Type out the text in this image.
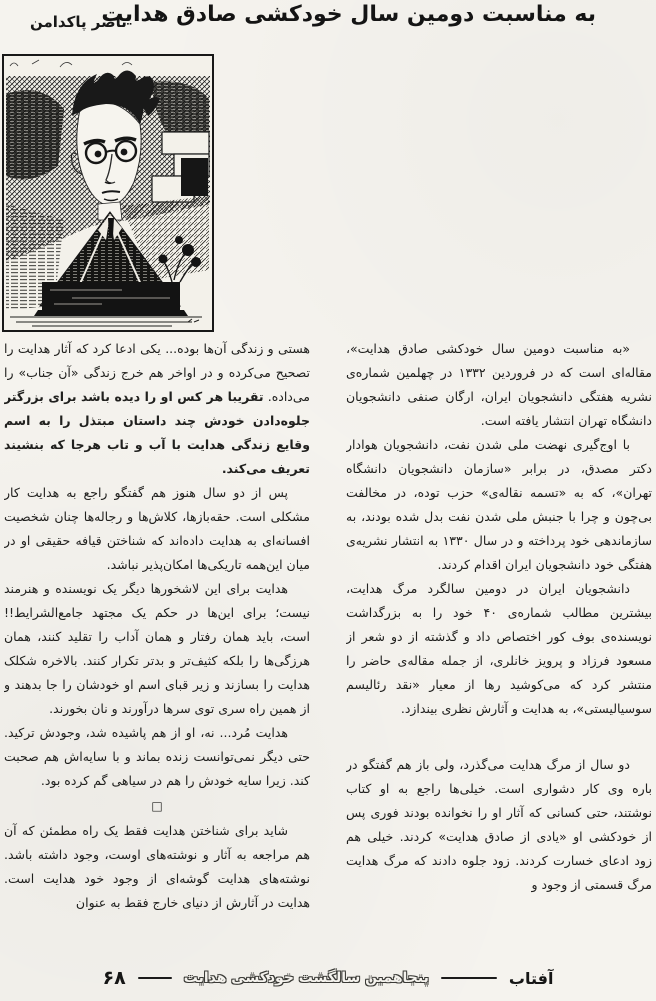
به مناسبت دومین سال خودکشی صادق هدایت
ناصر پاکدامن

«به مناسبت دومین سال خودکشی صادق هدایت»، مقاله‌ای است که در فروردین ۱۳۳۲ در چهلمین شماره‌ی نشریه هفتگی دانشجویان ایران، ارگان صنفی دانشجویان دانشگاه تهران انتشار یافته است.

با اوج‌گیری نهضت ملی شدن نفت، دانشجویان هوادار دکتر مصدق، در برابر «سازمان دانشجویان دانشگاه تهران»، که به «تسمه نقاله‌ی» حزب توده، در مخالفت بی‌چون و چرا با جنبش ملی شدن نفت بدل شده بودند، به سازماندهی خود پرداخته و در سال ۱۳۳۰ به انتشار نشریه‌ی هفتگی خود دانشجویان ایران اقدام کردند.

دانشجویان ایران در دومین سالگرد مرگ هدایت، بیشترین مطالب شماره‌ی ۴۰ خود را به بزرگداشت نویسنده‌ی بوف کور اختصاص داد و گذشته از دو شعر از مسعود فرزاد و پرویز خانلری، از جمله مقاله‌ی حاضر را منتشر کرد که می‌کوشید رها از معیار «نقد رئالیسم سوسیالیستی»، به هدایت و آثارش نظری بیندازد.

دو سال از مرگ هدایت می‌گذرد، ولی باز هم گفتگو در باره وی کار دشواری است. خیلی‌ها راجع به او کتاب نوشتند، حتی کسانی که آثار او را نخوانده بودند فوری پس از خودکشی او «یادی از صادق هدایت» کردند. خیلی هم زود ادعای خسارت کردند. زود جلوه دادند که مرگ هدایت مرگ قسمتی از وجود و

هستی و زندگی آن‌ها بوده... یکی ادعا کرد که آثار هدایت را تصحیح می‌کرده و در اواخر هم خرج زندگی «آن جناب» را می‌داده. تقریبا هر کس او را دیده باشد برای بزرگتر جلوه‌دادن خودش چند داستان مبتذل را به اسم وقایع زندگی هدایت با آب و تاب هرجا که بنشیند تعریف می‌کند.

پس از دو سال هنوز هم گفتگو راجع به هدایت کار مشکلی است. حقه‌بازها، کلاش‌ها و رجاله‌ها چنان شخصیت افسانه‌ای به هدایت داده‌اند که شناختن قیافه حقیقی او در میان این‌همه تاریکی‌ها امکان‌پذیر نباشد.

هدایت برای این لاشخورها دیگر یک نویسنده و هنرمند نیست؛ برای این‌ها در حکم یک مجتهد جامع‌الشرایط!! است، باید همان رفتار و همان آداب را تقلید کنند، همان هرزگی‌ها را بلکه کثیف‌تر و بدتر تکرار کنند. بالاخره شکلک هدایت را بسازند و زیر قبای اسم او خودشان را جا بدهند و از همین راه سری توی سرها درآورند و نان بخورند.

هدایت مُرد... نه، او از هم پاشیده شد، وجودش ترکید. حتی دیگر نمی‌توانست زنده بماند و با سایه‌اش هم صحبت کند. زیرا سایه خودش را هم در سیاهی گم کرده بود.

□

شاید برای شناختن هدایت فقط یک راه مطمئن که آن هم مراجعه به آثار و نوشته‌های اوست، وجود داشته باشد. نوشته‌های هدایت گوشه‌ای از وجود خود هدایت است. هدایت در آثارش از دنیای خارج فقط به عنوان

آفتاب
پنجاهمین سالگشت خودکشی هدایت
۶۸
